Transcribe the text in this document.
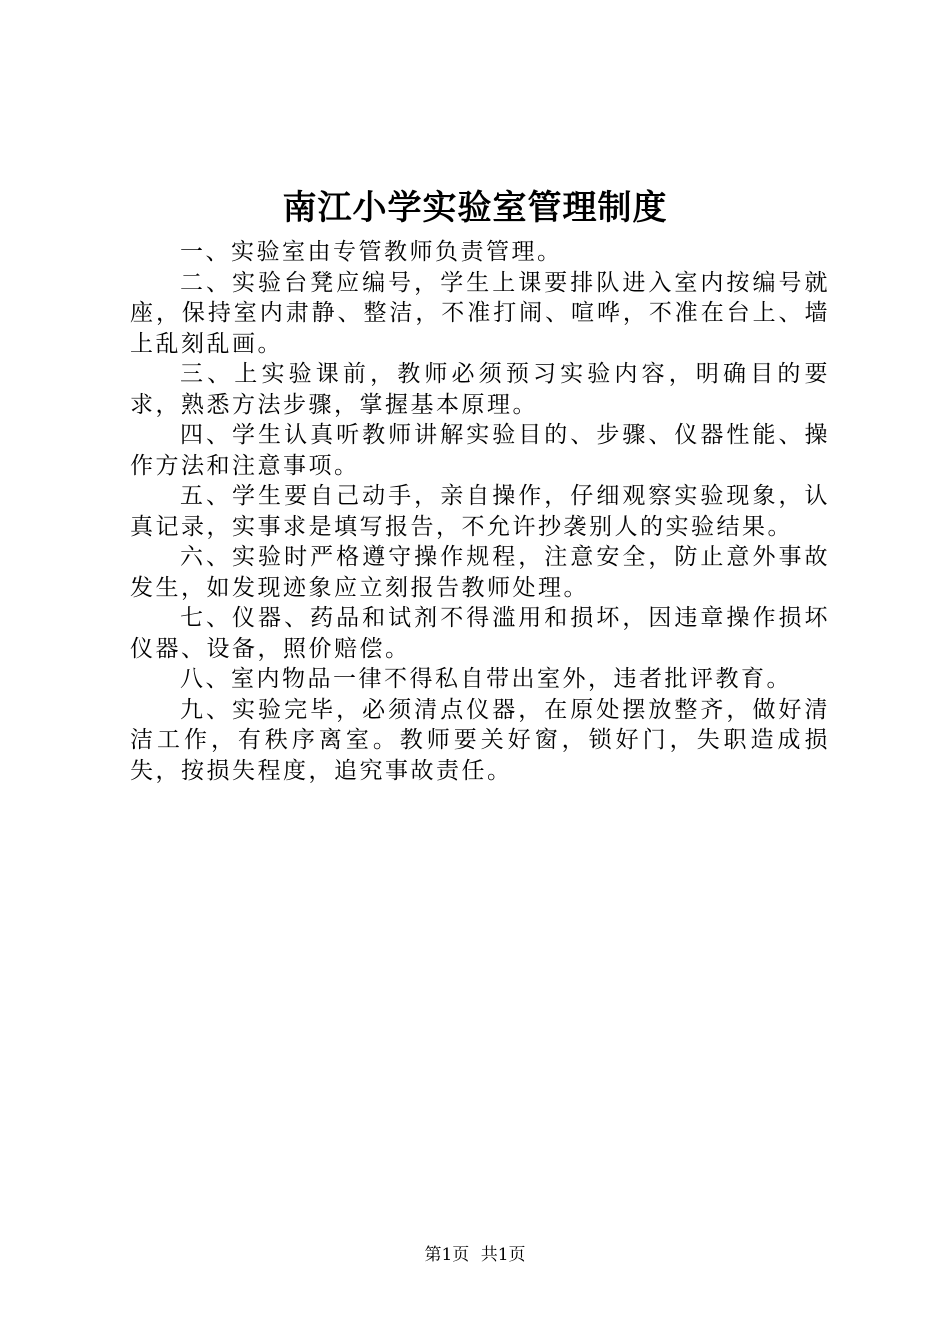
南江小学实验室管理制度

一、实验室由专管教师负责管理。

二、实验台凳应编号，学生上课要排队进入室内按编号就座，保持室内肃静、整洁，不准打闹、喧哗，不准在台上、墙上乱刻乱画。

三、上实验课前，教师必须预习实验内容，明确目的要求，熟悉方法步骤，掌握基本原理。

四、学生认真听教师讲解实验目的、步骤、仪器性能、操作方法和注意事项。

五、学生要自己动手，亲自操作，仔细观察实验现象，认真记录，实事求是填写报告，不允许抄袭别人的实验结果。

六、实验时严格遵守操作规程，注意安全，防止意外事故发生，如发现迹象应立刻报告教师处理。

七、仪器、药品和试剂不得滥用和损坏，因违章操作损坏仪器、设备，照价赔偿。

八、室内物品一律不得私自带出室外，违者批评教育。

九、实验完毕，必须清点仪器，在原处摆放整齐，做好清洁工作，有秩序离室。教师要关好窗，锁好门，失职造成损失，按损失程度，追究事故责任。

第1页 共1页
